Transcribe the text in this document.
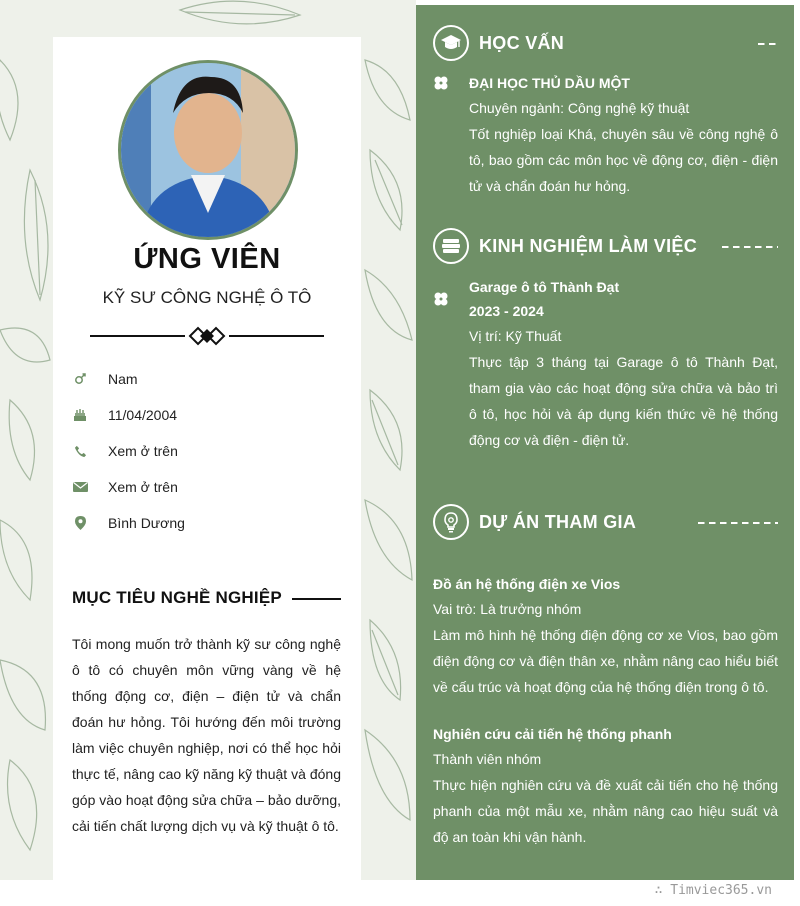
ỨNG VIÊN
KỸ SƯ CÔNG NGHỆ Ô TÔ
Nam
11/04/2004
Xem ở trên
Xem ở trên
Bình Dương
MỤC TIÊU NGHỀ NGHIỆP
Tôi mong muốn trở thành kỹ sư công nghệ ô tô có chuyên môn vững vàng về hệ thống động cơ, điện – điện tử và chẩn đoán hư hỏng. Tôi hướng đến môi trường làm việc chuyên nghiệp, nơi có thể học hỏi thực tế, nâng cao kỹ năng kỹ thuật và đóng góp vào hoạt động sửa chữa – bảo dưỡng, cải tiến chất lượng dịch vụ và kỹ thuật ô tô.
HỌC VẤN
ĐẠI HỌC THỦ DẦU MỘT
Chuyên ngành: Công nghệ kỹ thuật
Tốt nghiệp loại Khá, chuyên sâu về công nghệ ô tô, bao gồm các môn học về động cơ, điện - điện tử và chẩn đoán hư hỏng.
KINH NGHIỆM LÀM VIỆC
Garage ô tô Thành Đạt
2023 - 2024
Vị trí: Kỹ Thuất
Thực tập 3 tháng tại Garage ô tô Thành Đạt, tham gia vào các hoạt động sửa chữa và bảo trì ô tô, học hỏi và áp dụng kiến thức về hệ thống động cơ và điện - điện tử.
DỰ ÁN THAM GIA
Đồ án hệ thống điện xe Vios
Vai trò: Là trưởng nhóm
Làm mô hình hệ thống điện động cơ xe Vios, bao gồm điện động cơ và điện thân xe, nhằm nâng cao hiểu biết về cấu trúc và hoạt động của hệ thống điện trong ô tô.
Nghiên cứu cải tiến hệ thống phanh
Thành viên nhóm
Thực hiện nghiên cứu và đề xuất cải tiến cho hệ thống phanh của một mẫu xe, nhằm nâng cao hiệu suất và độ an toàn khi vận hành.
∴ Timviec365.vn
